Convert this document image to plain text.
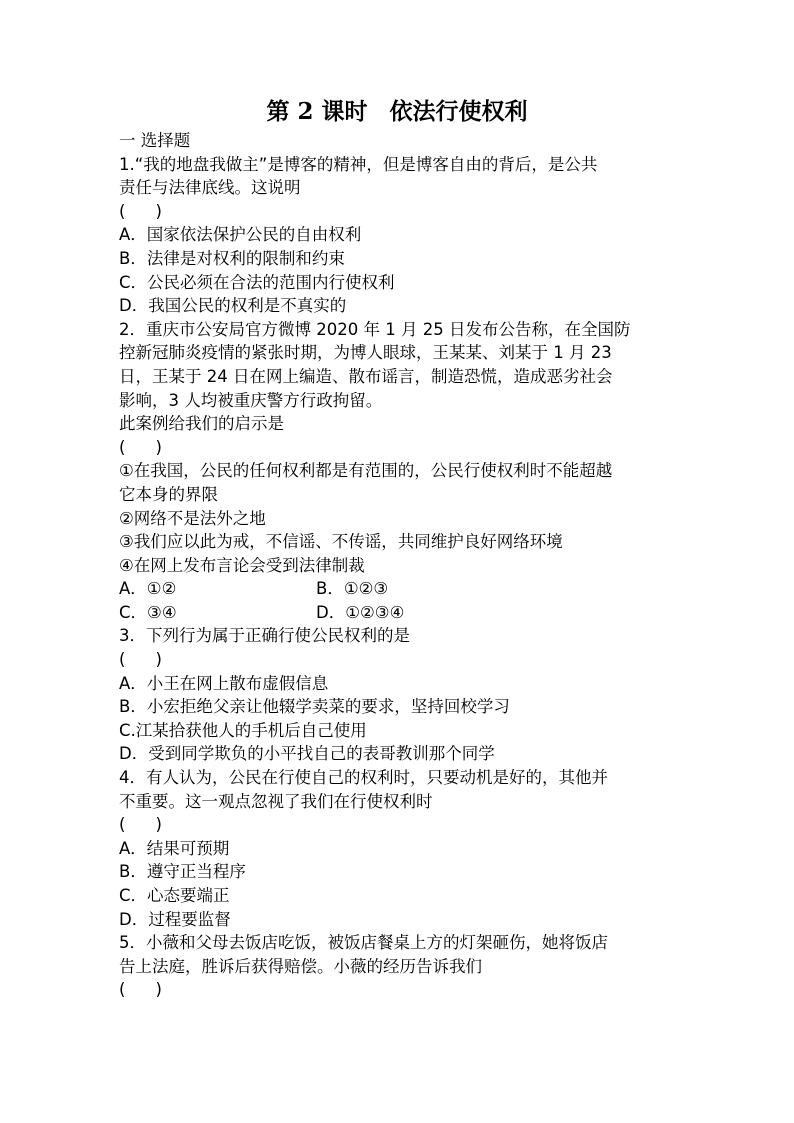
第 2 课时 依法行使权利
一 选择题
1.“我的地盘我做主”是博客的精神，但是博客自由的背后，是公共
责任与法律底线。这说明
( )
A．国家依法保护公民的自由权利
B．法律是对权利的限制和约束
C．公民必须在合法的范围内行使权利
D．我国公民的权利是不真实的
2．重庆市公安局官方微博 2020 年 1 月 25 日发布公告称，在全国防
控新冠肺炎疫情的紧张时期，为博人眼球，王某某、刘某于 1 月 23
日，王某于 24 日在网上编造、散布谣言，制造恐慌，造成恶劣社会
影响，3 人均被重庆警方行政拘留。
此案例给我们的启示是
( )
①在我国，公民的任何权利都是有范围的，公民行使权利时不能超越
它本身的界限
②网络不是法外之地
③我们应以此为戒，不信谣、不传谣，共同维护良好网络环境
④在网上发布言论会受到法律制裁
A．①②	B．①②③
C．③④	D．①②③④
3．下列行为属于正确行使公民权利的是
( )
A．小王在网上散布虚假信息
B．小宏拒绝父亲让他辍学卖菜的要求，坚持回校学习
C.江某拾获他人的手机后自己使用
D．受到同学欺负的小平找自己的表哥教训那个同学
4．有人认为，公民在行使自己的权利时，只要动机是好的，其他并
不重要。这一观点忽视了我们在行使权利时
( )
A．结果可预期
B．遵守正当程序
C．心态要端正
D．过程要监督
5．小薇和父母去饭店吃饭，被饭店餐桌上方的灯架砸伤，她将饭店
告上法庭，胜诉后获得赔偿。小薇的经历告诉我们
( )
